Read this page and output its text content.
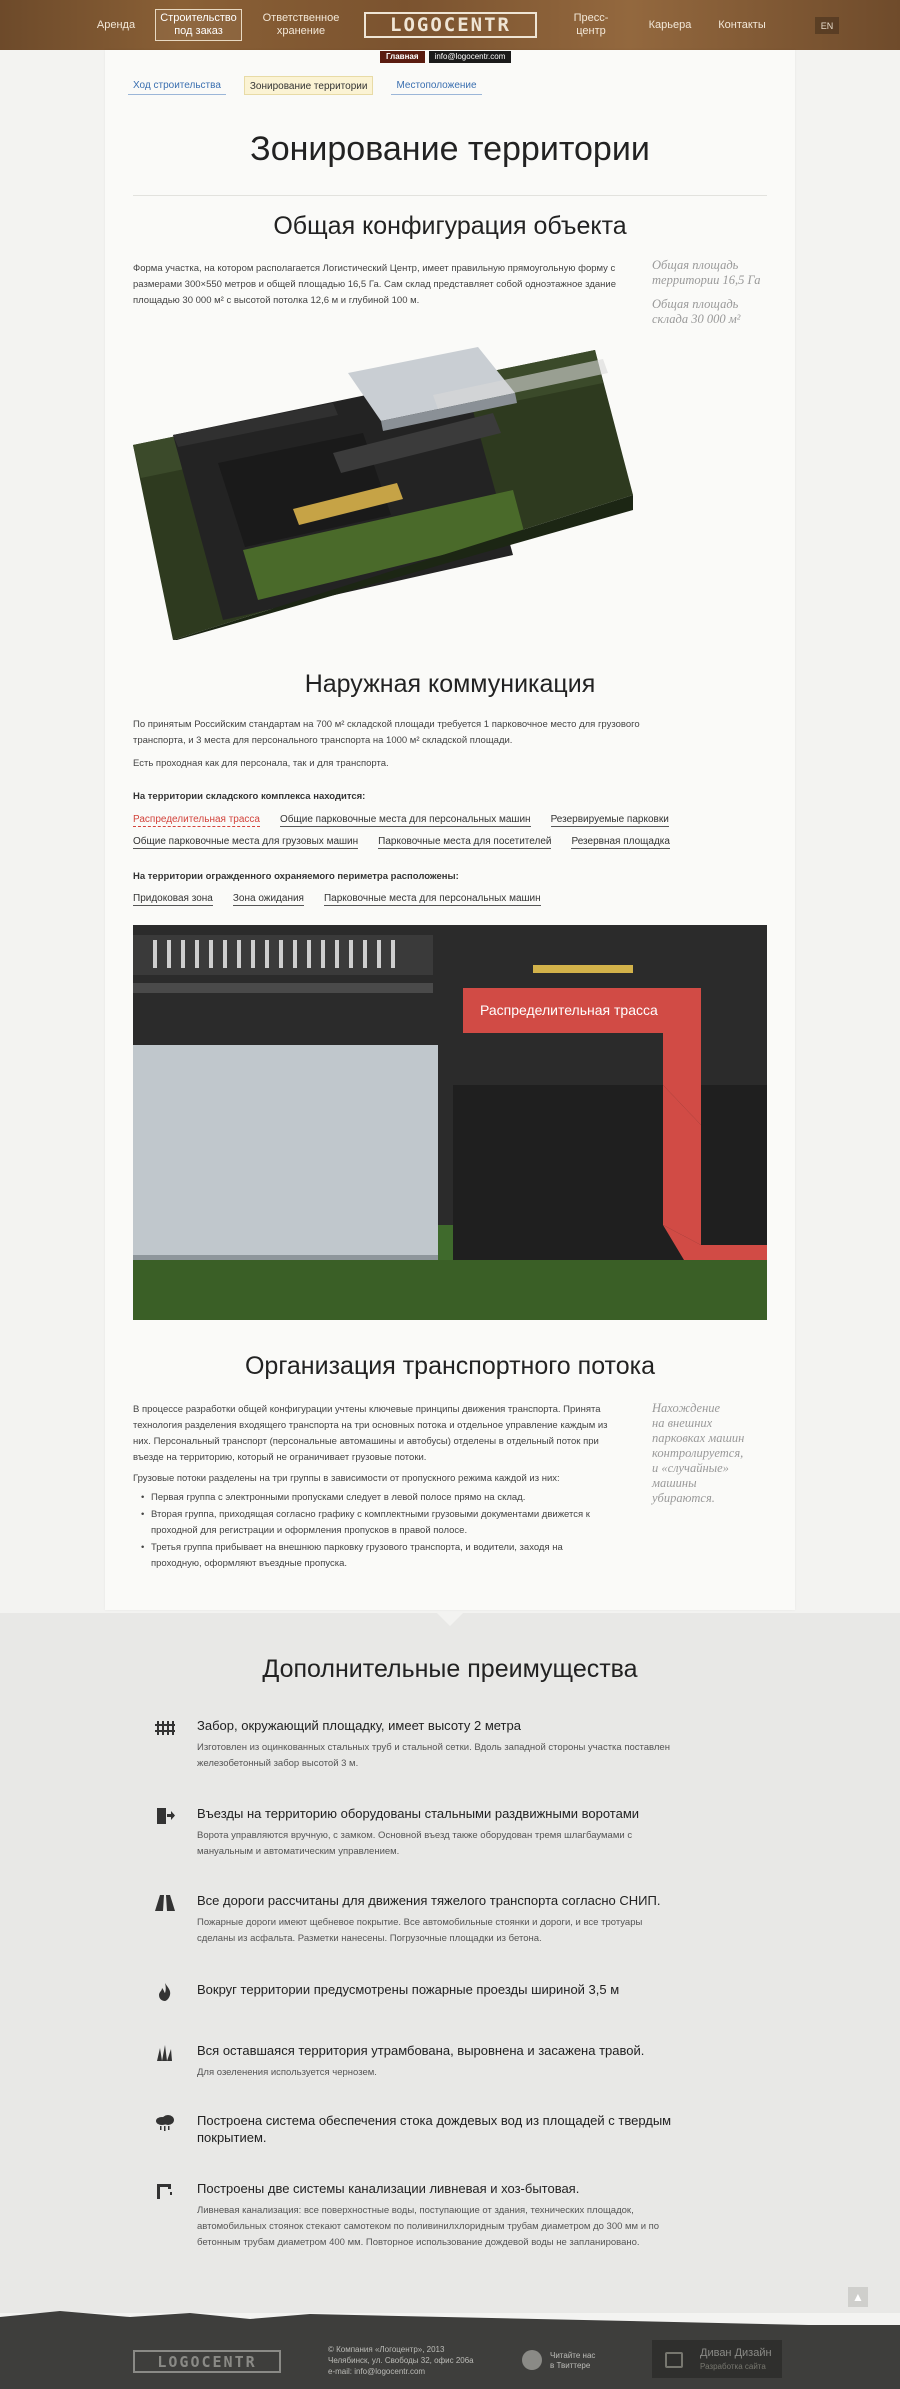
Аренда
Строительство
под заказ
Ответственное
хранение	LOGOCENTR	Пресс-центр
Карьера Контакты	EN
Главная	info@logocentr.com
Ход строительства	Зонирование территории	Местоположение
Зонирование территории
Общая конфигурация объекта

Форма участка, на котором располагается Логистический Центр, имеет правильную прямоугольную форму с размерами 300×550 метров и общей площадью 16,5 Га. Сам склад представляет собой одноэтажное здание площадью 30 000 м² с высотой потолка 12,6 м и глубиной 100 м.

Общая площадь
территории 16,5 Га
Общая площадь
склада 30 000 м²
Наружная коммуникация

По принятым Российским стандартам на 700 м² складской площади требуется 1 парковочное место для грузового транспорта, и 3 места для персонального транспорта на 1000 м² складской площади.

Есть проходная как для персонала, так и для транспорта.

На территории складского комплекса находится:
Распределительная трасса Общие парковочные места для персональных машин Резервируемые парковки
Общие парковочные места для грузовых машин Парковочные места для посетителей Резервная площадка
На территории огражденного охраняемого периметра расположены:
Придоковая зона Зона ожидания Парковочные места для персональных машин
Распределительная трасса
Организация транспортного потока

В процессе разработки общей конфигурации учтены ключевые принципы движения транспорта. Принята технология разделения входящего транспорта на три основных потока и отдельное управление каждым из них. Персональный транспорт (персональные автомашины и автобусы) отделены в отдельный поток при въезде на территорию, который не ограничивает грузовые потоки.

Грузовые потоки разделены на три группы в зависимости от пропускного режима каждой из них:

• Первая группа с электронными пропусками следует в левой полосе прямо на склад.
• Вторая группа, приходящая согласно графику с комплектными грузовыми документами движется к проходной для регистрации и оформления пропусков в правой полосе.
• Третья группа прибывает на внешнюю парковку грузового транспорта, и водители, заходя на проходную, оформляют въездные пропуска.
Нахождение
на внешних
парковках машин
контролируется,
и «случайные»
машины
убираются.
Дополнительные преимущества
Забор, окружающий площадку, имеет высоту 2 метра
Изготовлен из оцинкованных стальных труб и стальной сетки. Вдоль западной стороны участка поставлен железобетонный забор высотой 3 м.
Въезды на территорию оборудованы стальными раздвижными воротами
Ворота управляются вручную, с замком. Основной въезд также оборудован тремя шлагбаумами с мануальным и автоматическим управлением.
Все дороги рассчитаны для движения тяжелого транспорта согласно СНИП.
Пожарные дороги имеют щебневое покрытие. Все автомобильные стоянки и дороги, и все тротуары сделаны из асфальта. Разметки нанесены. Погрузочные площадки из бетона.
Вокруг территории предусмотрены пожарные проезды шириной 3,5 м
Вся оставшаяся территория утрамбована, выровнена и засажена травой.
Для озеленения используется чернозем.
Построена система обеспечения стока дождевых вод из площадей с твердым покрытием.
Построены две системы канализации ливневая и хоз-бытовая.
Ливневая канализация: все поверхностные воды, поступающие от здания, технических площадок, автомобильных стоянок стекают самотеком по поливинилхлоридным трубам диаметром до 300 мм и по бетонным трубам диаметром 400 мм. Повторное использование дождевой воды не запланировано.
▲
LOGOCENTR
© Компания «Логоцентр», 2013
Челябинск, ул. Свободы 32, офис 206а
e-mail: info@logocentr.com
Читайте нас
в Твиттере
Диван Дизайн
Разработка сайта
